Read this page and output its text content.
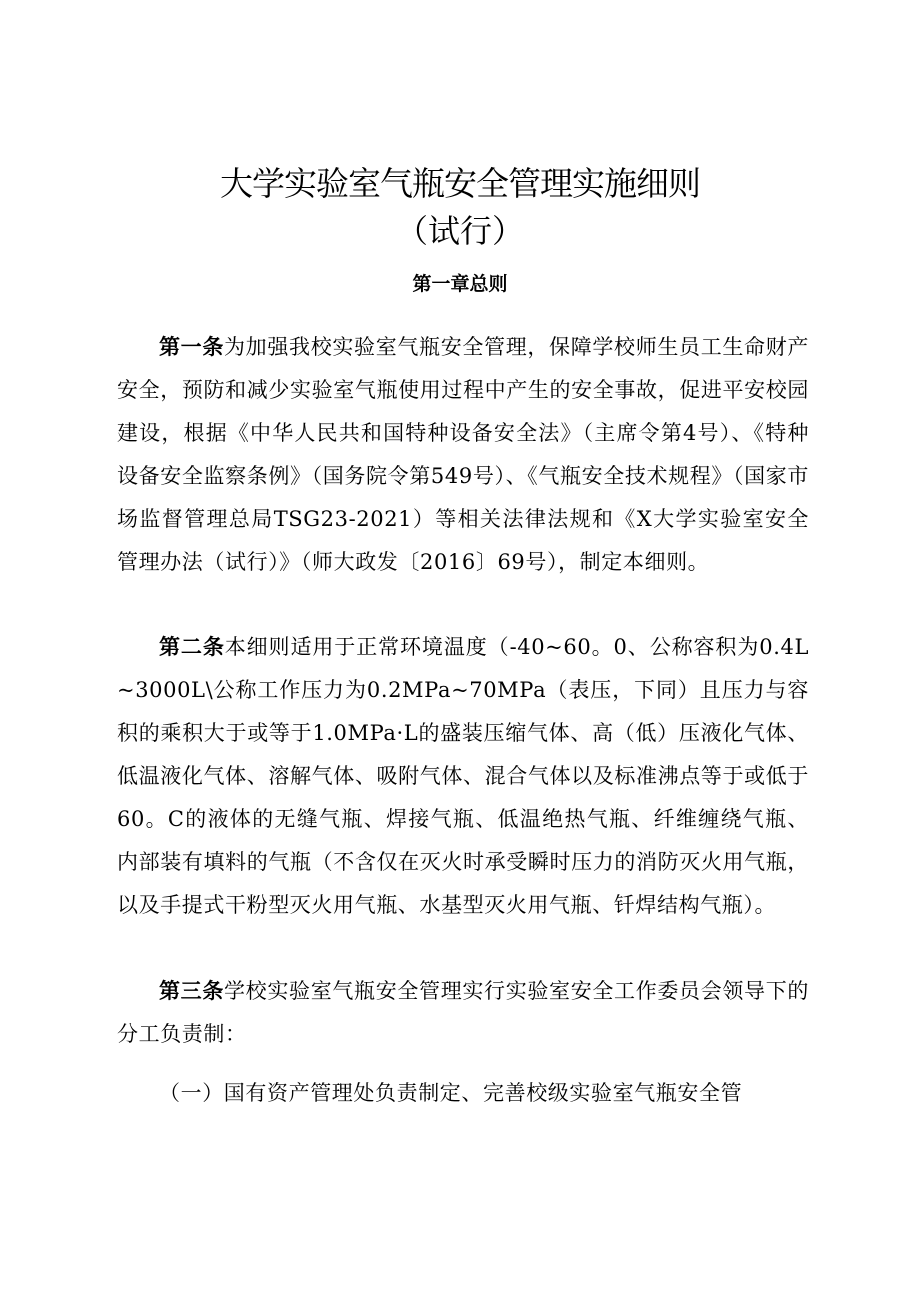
大学实验室气瓶安全管理实施细则
（试行）
第一章总则

第一条为加强我校实验室气瓶安全管理，保障学校师生员工生命财产安全，预防和减少实验室气瓶使用过程中产生的安全事故，促进平安校园建设，根据《中华人民共和国特种设备安全法》（主席令第4号）、《特种设备安全监察条例》（国务院令第549号）、《气瓶安全技术规程》（国家市场监督管理总局TSG23-2021）等相关法律法规和《X大学实验室安全管理办法（试行）》（师大政发〔2016〕69号），制定本细则。

第二条本细则适用于正常环境温度（-40~60。0、公称容积为0.4L~3000L\公称工作压力为0.2MPa~70MPa（表压，下同）且压力与容积的乘积大于或等于1.0MPa·L的盛装压缩气体、高（低）压液化气体、低温液化气体、溶解气体、吸附气体、混合气体以及标准沸点等于或低于60。C的液体的无缝气瓶、焊接气瓶、低温绝热气瓶、纤维缠绕气瓶、内部装有填料的气瓶（不含仅在灭火时承受瞬时压力的消防灭火用气瓶，以及手提式干粉型灭火用气瓶、水基型灭火用气瓶、钎焊结构气瓶）。

第三条学校实验室气瓶安全管理实行实验室安全工作委员会领导下的分工负责制：

（一）国有资产管理处负责制定、完善校级实验室气瓶安全管
